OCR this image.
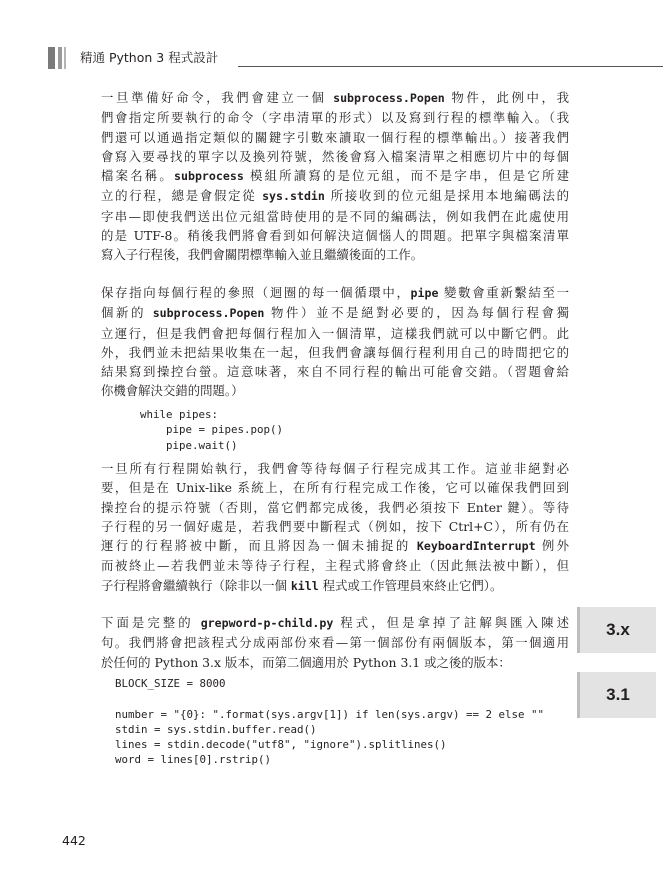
精通 Python 3 程式設計
一旦準備好命令，我們會建立一個 subprocess.Popen 物件，此例中，我
們會指定所要執行的命令（字串清單的形式）以及寫到行程的標準輸入。（我
們還可以通過指定類似的關鍵字引數來讀取一個行程的標準輸出。）接著我們
會寫入要尋找的單字以及換列符號，然後會寫入檔案清單之相應切片中的每個
檔案名稱。subprocess 模組所讀寫的是位元組，而不是字串，但是它所建
立的行程，總是會假定從 sys.stdin 所接收到的位元組是採用本地編碼法的
字串—即使我們送出位元組當時使用的是不同的編碼法，例如我們在此處使用
的是 UTF-8。稍後我們將會看到如何解決這個惱人的問題。把單字與檔案清單
寫入子行程後，我們會關閉標準輸入並且繼續後面的工作。
保存指向每個行程的參照（迴圈的每一個循環中，pipe 變數會重新繫結至一
個新的 subprocess.Popen 物件）並不是絕對必要的，因為每個行程會獨
立運行，但是我們會把每個行程加入一個清單，這樣我們就可以中斷它們。此
外，我們並未把結果收集在一起，但我們會讓每個行程利用自己的時間把它的
結果寫到操控台螢。這意味著，來自不同行程的輸出可能會交錯。（習題會給
你機會解決交錯的問題。）
while pipes:
pipe = pipes.pop()
pipe.wait()
一旦所有行程開始執行，我們會等待每個子行程完成其工作。這並非絕對必
要，但是在 Unix-like 系統上，在所有行程完成工作後，它可以確保我們回到
操控台的提示符號（否則，當它們都完成後，我們必須按下 Enter 鍵）。等待
子行程的另一個好處是，若我們要中斷程式（例如，按下 Ctrl+C），所有仍在
運行的行程將被中斷，而且將因為一個未捕捉的 KeyboardInterrupt 例外
而被終止—若我們並未等待子行程，主程式將會終止（因此無法被中斷），但
子行程將會繼續執行（除非以一個 kill 程式或工作管理員來終止它們）。
下面是完整的 grepword-p-child.py 程式，但是拿掉了註解與匯入陳述
句。我們將會把該程式分成兩部份來看—第一個部份有兩個版本，第一個適用
於任何的 Python 3.x 版本，而第二個適用於 Python 3.1 或之後的版本：
BLOCK_SIZE = 8000

number = "{0}: ".format(sys.argv[1]) if len(sys.argv) == 2 else ""
stdin = sys.stdin.buffer.read()
lines = stdin.decode("utf8", "ignore").splitlines()
word = lines[0].rstrip()
3.x
3.1
442
